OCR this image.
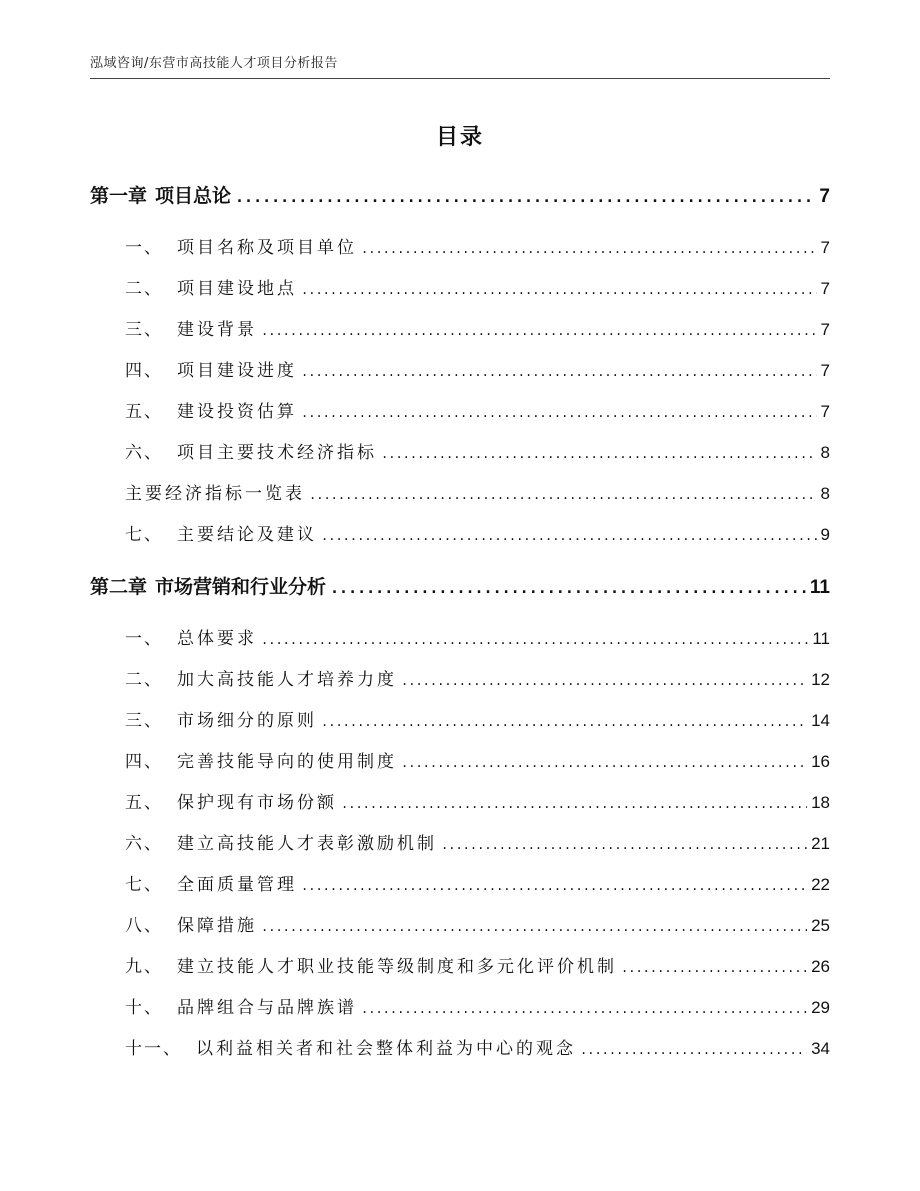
泓域咨询/东营市高技能人才项目分析报告
目录
第一章 项目总论 .....	7
一、 项目名称及项目单位 .....	7
二、 项目建设地点 .....	7
三、 建设背景 .....	7
四、 项目建设进度 .....	7
五、 建设投资估算 .....	7
六、 项目主要技术经济指标 .....	8
主要经济指标一览表 .....	8
七、 主要结论及建议 .....	9
第二章 市场营销和行业分析 .....	11
一、 总体要求 .....	11
二、 加大高技能人才培养力度 .....	12
三、 市场细分的原则 .....	14
四、 完善技能导向的使用制度 .....	16
五、 保护现有市场份额 .....	18
六、 建立高技能人才表彰激励机制 .....	21
七、 全面质量管理 .....	22
八、 保障措施 .....	25
九、 建立技能人才职业技能等级制度和多元化评价机制 .....	26
十、 品牌组合与品牌族谱 .....	29
十一、 以利益相关者和社会整体利益为中心的观念 .....	34
